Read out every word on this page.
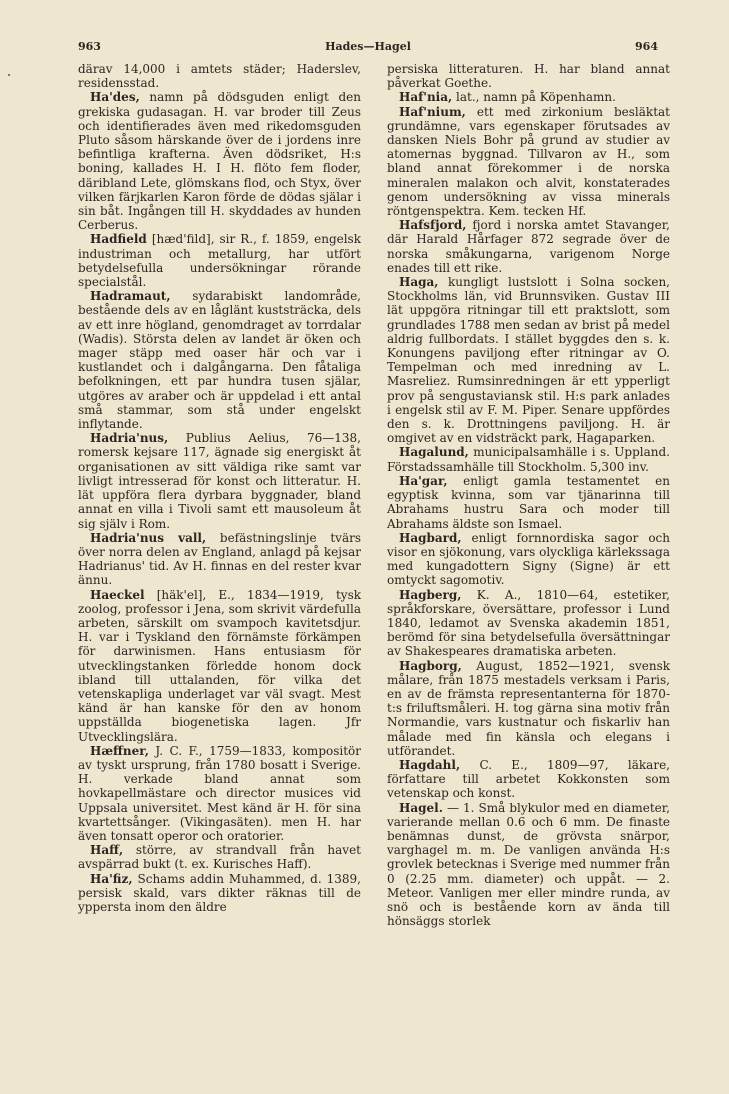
963	Hades—Hagel	964

därav 14,000 i amtets städer; Haderslev, residensstad.

Ha'des, namn på dödsguden enligt den grekiska gudasagan. H. var broder till Zeus och identifierades även med rikedomsguden Pluto såsom härskande över de i jordens inre befintliga krafterna. Även dödsriket, H:s boning, kallades H. I H. flöto fem floder, däribland Lete, glömskans flod, och Styx, över vilken färjkarlen Karon förde de dödas själar i sin båt. Ingången till H. skyddades av hunden Cerberus.

Hadfield [hæd'fild], sir R., f. 1859, engelsk industriman och metallurg, har utfört betydelsefulla undersökningar rörande specialstål.

Hadramaut, sydarabiskt landområde, bestående dels av en låglänt kuststräcka, dels av ett inre högland, genomdraget av torrdalar (Wadis). Största delen av landet är öken och mager stäpp med oaser här och var i kustlandet och i dalgångarna. Den fåtaliga befolkningen, ett par hundra tusen själar, utgöres av araber och är uppdelad i ett antal små stammar, som stå under engelskt inflytande.

Hadria'nus, Publius Aelius, 76—138, romersk kejsare 117, ägnade sig energiskt åt organisationen av sitt väldiga rike samt var livligt intresserad för konst och litteratur. H. lät uppföra flera dyrbara byggnader, bland annat en villa i Tivoli samt ett mausoleum åt sig själv i Rom.

Hadria'nus vall, befästningslinje tvärs över norra delen av England, anlagd på kejsar Hadrianus' tid. Av H. finnas en del rester kvar ännu.

Haeckel [häk'el], E., 1834—1919, tysk zoolog, professor i Jena, som skrivit värdefulla arbeten, särskilt om svampoch kavitetsdjur. H. var i Tyskland den förnämste förkämpen för darwinismen. Hans entusiasm för utvecklingstanken förledde honom dock ibland till uttalanden, för vilka det vetenskapliga underlaget var väl svagt. Mest känd är han kanske för den av honom uppställda biogenetiska lagen. Jfr Utvecklingslära.

Hæffner, J. C. F., 1759—1833, kompositör av tyskt ursprung, från 1780 bosatt i Sverige. H. verkade bland annat som hovkapellmästare och director musices vid Uppsala universitet. Mest känd är H. för sina kvartettsånger. (Vikingasäten). men H. har även tonsatt operor och oratorier.

Haff, större, av strandvall från havet avspärrad bukt (t. ex. Kurisches Haff).

Ha'fiz, Schams addin Muhammed, d. 1389, persisk skald, vars dikter räknas till de yppersta inom den äldre

persiska litteraturen. H. har bland annat påverkat Goethe.

Haf'nia, lat., namn på Köpenhamn.

Haf'nium, ett med zirkonium besläktat grundämne, vars egenskaper förutsades av dansken Niels Bohr på grund av studier av atomernas byggnad. Tillvaron av H., som bland annat förekommer i de norska mineralen malakon och alvit, konstaterades genom undersökning av vissa minerals röntgenspektra. Kem. tecken Hf.

Hafsfjord, fjord i norska amtet Stavanger, där Harald Hårfager 872 segrade över de norska småkungarna, varigenom Norge enades till ett rike.

Haga, kungligt lustslott i Solna socken, Stockholms län, vid Brunnsviken. Gustav III lät uppgöra ritningar till ett praktslott, som grundlades 1788 men sedan av brist på medel aldrig fullbordats. I stället byggdes den s. k. Konungens paviljong efter ritningar av O. Tempelman och med inredning av L. Masreliez. Rumsinredningen är ett ypperligt prov på sengustaviansk stil. H:s park anlades i engelsk stil av F. M. Piper. Senare uppfördes den s. k. Drottningens paviljong. H. är omgivet av en vidsträckt park, Hagaparken.

Hagalund, municipalsamhälle i s. Uppland. Förstadssamhälle till Stockholm. 5,300 inv.

Ha'gar, enligt gamla testamentet en egyptisk kvinna, som var tjänarinna till Abrahams hustru Sara och moder till Abrahams äldste son Ismael.

Hagbard, enligt fornnordiska sagor och visor en sjökonung, vars olyckliga kärlekssaga med kungadottern Signy (Signe) är ett omtyckt sagomotiv.

Hagberg, K. A., 1810—64, estetiker, språkforskare, översättare, professor i Lund 1840, ledamot av Svenska akademin 1851, berömd för sina betydelsefulla översättningar av Shakespeares dramatiska arbeten.

Hagborg, August, 1852—1921, svensk målare, från 1875 mestadels verksam i Paris, en av de främsta representanterna för 1870-t:s friluftsmåleri. H. tog gärna sina motiv från Normandie, vars kustnatur och fiskarliv han målade med fin känsla och elegans i utförandet.

Hagdahl, C. E., 1809—97, läkare, författare till arbetet Kokkonsten som vetenskap och konst.

Hagel. — 1. Små blykulor med en diameter, varierande mellan 0.6 och 6 mm. De finaste benämnas dunst, de grövsta snärpor, varghagel m. m. De vanligen använda H:s grovlek betecknas i Sverige med nummer från 0 (2.25 mm. diameter) och uppåt. — 2. Meteor. Vanligen mer eller mindre runda, av snö och is bestående korn av ända till hönsäggs storlek
